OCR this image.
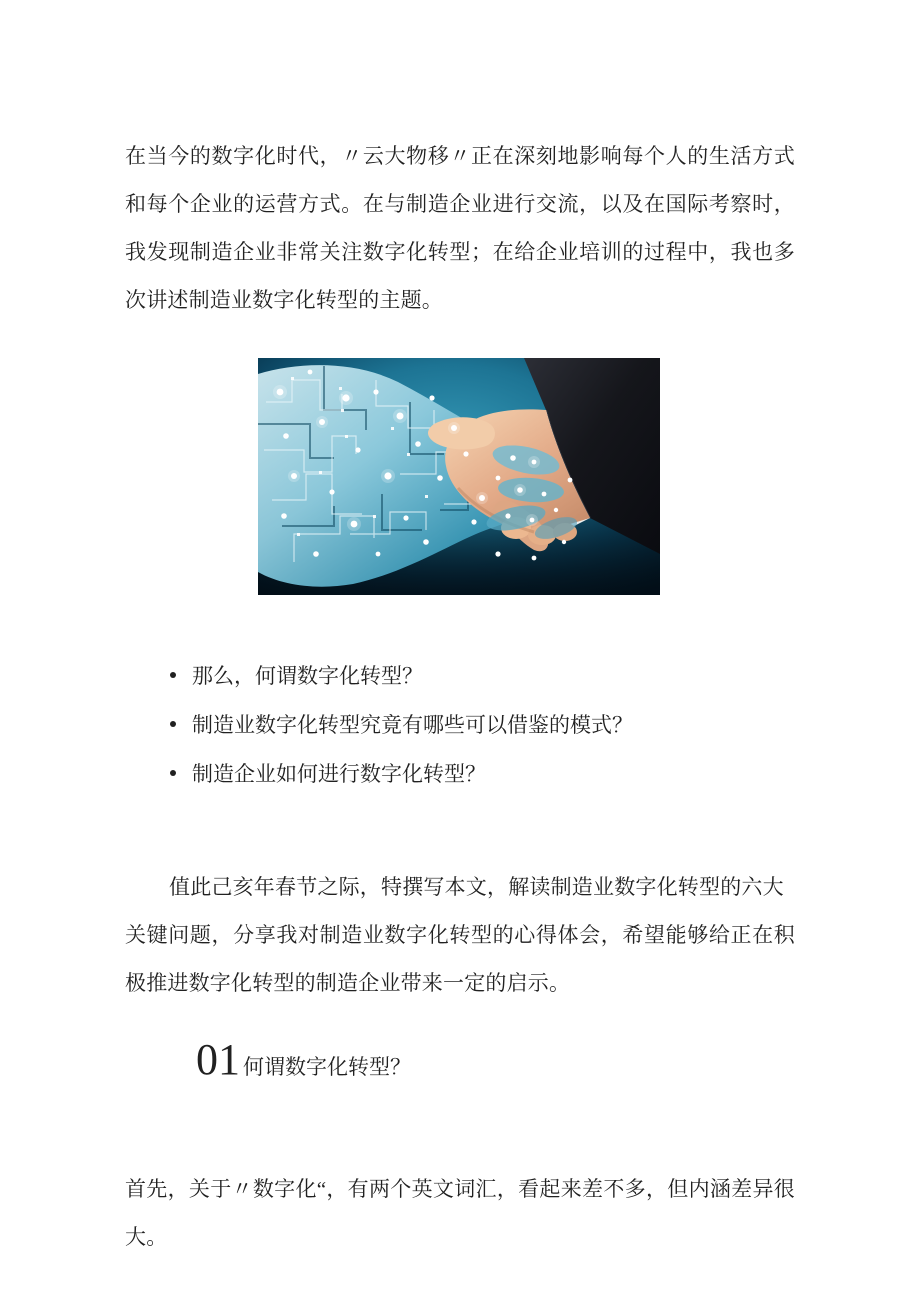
在当今的数字化时代，〃云大物移〃正在深刻地影响每个人的生活方式和每个企业的运营方式。在与制造企业进行交流，以及在国际考察时，我发现制造企业非常关注数字化转型；在给企业培训的过程中，我也多次讲述制造业数字化转型的主题。

那么，何谓数字化转型？
制造业数字化转型究竟有哪些可以借鉴的模式？
制造企业如何进行数字化转型？

值此己亥年春节之际，特撰写本文，解读制造业数字化转型的六大
关键问题，分享我对制造业数字化转型的心得体会，希望能够给正在积极推进数字化转型的制造企业带来一定的启示。

01 何谓数字化转型？

首先，关于〃数字化“，有两个英文词汇，看起来差不多，但内涵差异很大。
